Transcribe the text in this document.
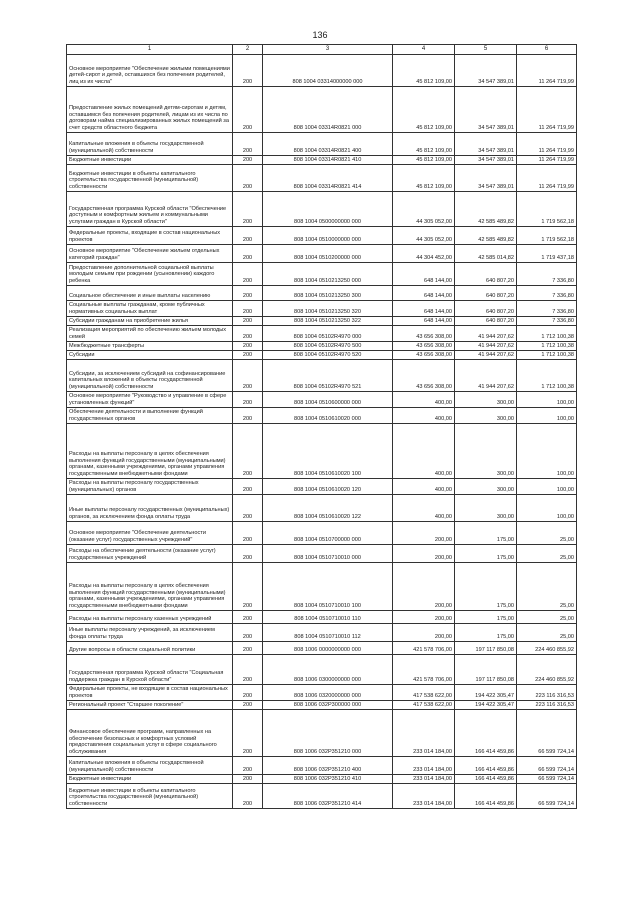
136
1	2	3	4	5	6
Основное мероприятие "Обеспечение жилыми помещениями детей-сирот и детей, оставшихся без попечения родителей, лиц из их числа"	200	808 1004 03314000000 000	45 812 109,00	34 547 389,01	11 264 719,99
Предоставление жилых помещений детям-сиротам и детям, оставшимся без попечения родителей, лицам из их числа по договорам найма специализированных жилых помещений за счет средств областного бюджета	200	808 1004 03314R0821 000	45 812 109,00	34 547 389,01	11 264 719,99
Капитальные вложения в объекты государственной (муниципальной) собственности	200	808 1004 03314R0821 400	45 812 109,00	34 547 389,01	11 264 719,99
Бюджетные инвестиции	200	808 1004 03314R0821 410	45 812 109,00	34 547 389,01	11 264 719,99
Бюджетные инвестиции в объекты капитального строительства государственной (муниципальной) собственности	200	808 1004 03314R0821 414	45 812 109,00	34 547 389,01	11 264 719,99
Государственная программа Курской области "Обеспечение доступным и комфортным жильем и коммунальными услугами граждан в Курской области"	200	808 1004 0500000000 000	44 305 052,00	42 585 489,82	1 719 562,18
Федеральные проекты, входящие в состав национальных проектов	200	808 1004 0510000000 000	44 305 052,00	42 585 489,82	1 719 562,18
Основное мероприятие "Обеспечение жильем отдельных категорий граждан"	200	808 1004 0510200000 000	44 304 452,00	42 585 014,82	1 719 437,18
Предоставление дополнительной социальной выплаты молодым семьям при рождении (усыновлении) каждого ребенка	200	808 1004 0510213250 000	648 144,00	640 807,20	7 336,80
Социальное обеспечение и иные выплаты населению	200	808 1004 0510213250 300	648 144,00	640 807,20	7 336,80
Социальные выплаты гражданам, кроме публичных нормативных социальных выплат	200	808 1004 0510213250 320	648 144,00	640 807,20	7 336,80
Субсидии гражданам на приобретение жилья	200	808 1004 0510213250 322	648 144,00	640 807,20	7 336,80
Реализация мероприятий по обеспечению жильем молодых семей	200	808 1004 05102R4970 000	43 656 308,00	41 944 207,62	1 712 100,38
Межбюджетные трансферты	200	808 1004 05102R4970 500	43 656 308,00	41 944 207,62	1 712 100,38
Субсидии	200	808 1004 05102R4970 520	43 656 308,00	41 944 207,62	1 712 100,38
Субсидии, за исключением субсидий на софинансирование капитальных вложений в объекты государственной (муниципальной) собственности	200	808 1004 05102R4970 521	43 656 308,00	41 944 207,62	1 712 100,38
Основное мероприятие "Руководство и управление в сфере установленных функций"	200	808 1004 0510600000 000	400,00	300,00	100,00
Обеспечение деятельности и выполнение функций государственных органов	200	808 1004 0510610020 000	400,00	300,00	100,00
Расходы на выплаты персоналу в целях обеспечения выполнения функций государственными (муниципальными) органами, казенными учреждениями, органами управления государственными внебюджетными фондами	200	808 1004 0510610020 100	400,00	300,00	100,00
Расходы на выплаты персоналу государственных (муниципальных) органов	200	808 1004 0510610020 120	400,00	300,00	100,00
Иные выплаты персоналу государственных (муниципальных) органов, за исключением фонда оплаты труда	200	808 1004 0510610020 122	400,00	300,00	100,00
Основное мероприятие "Обеспечение деятельности (оказание услуг) государственных учреждений"	200	808 1004 0510700000 000	200,00	175,00	25,00
Расходы на обеспечение деятельности (оказание услуг) государственных учреждений	200	808 1004 0510710010 000	200,00	175,00	25,00
Расходы на выплаты персоналу в целях обеспечения выполнения функций государственными (муниципальными) органами, казенными учреждениями, органами управления государственными внебюджетными фондами	200	808 1004 0510710010 100	200,00	175,00	25,00
Расходы на выплаты персоналу казенных учреждений	200	808 1004 0510710010 110	200,00	175,00	25,00
Иные выплаты персоналу учреждений, за исключением фонда оплаты труда	200	808 1004 0510710010 112	200,00	175,00	25,00
Другие вопросы в области социальной политики	200	808 1006 0000000000 000	421 578 706,00	197 117 850,08	224 460 855,92
Государственная программа Курской области "Социальная поддержка граждан в Курской области"	200	808 1006 0300000000 000	421 578 706,00	197 117 850,08	224 460 855,92
Федеральные проекты, не входящие в состав национальных проектов	200	808 1006 0320000000 000	417 538 622,00	194 422 305,47	223 116 316,53
Региональный проект "Старшее поколение"	200	808 1006 032P300000 000	417 538 622,00	194 422 305,47	223 116 316,53
Финансовое обеспечение программ, направленных на обеспечение безопасных и комфортных условий предоставления социальных услуг в сфере социального обслуживания	200	808 1006 032P351210 000	233 014 184,00	166 414 459,86	66 599 724,14
Капитальные вложения в объекты государственной (муниципальной) собственности	200	808 1006 032P351210 400	233 014 184,00	166 414 459,86	66 599 724,14
Бюджетные инвестиции	200	808 1006 032P351210 410	233 014 184,00	166 414 459,86	66 599 724,14
Бюджетные инвестиции в объекты капитального строительства государственной (муниципальной) собственности	200	808 1006 032P351210 414	233 014 184,00	166 414 459,86	66 599 724,14
